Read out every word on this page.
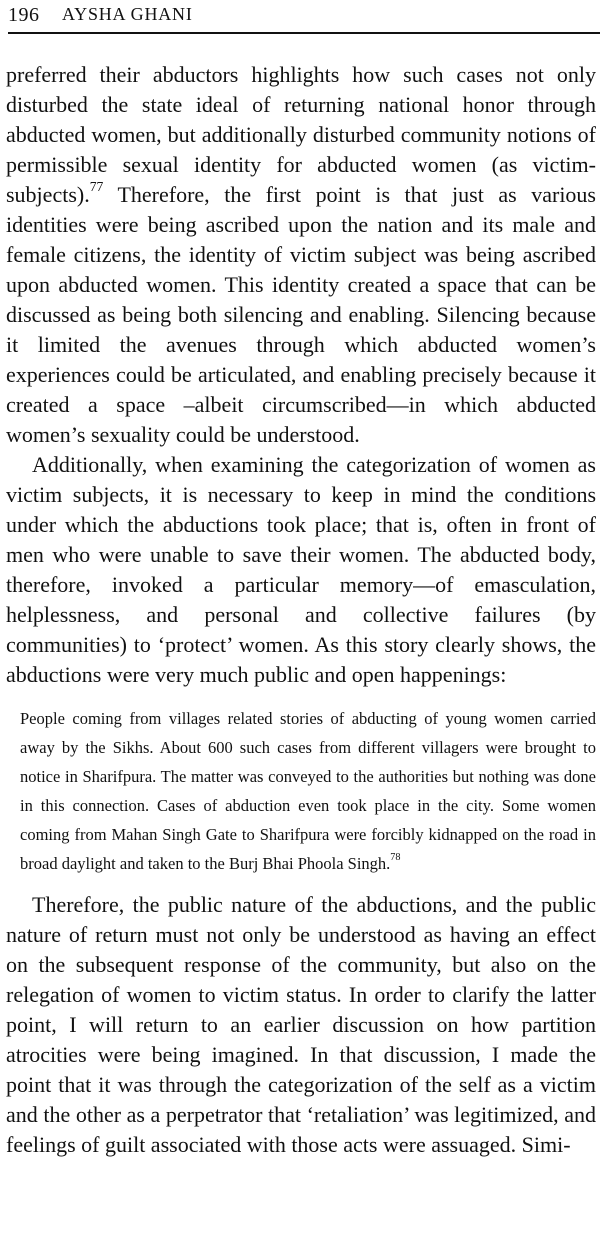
196 AYSHA GHANI

preferred their abductors highlights how such cases not only disturbed the state ideal of returning national honor through abducted women, but additionally disturbed community notions of permissible sexual identity for abducted women (as victim-subjects).$^{77}$ Therefore, the first point is that just as various identities were being ascribed upon the nation and its male and female citizens, the identity of victim subject was being ascribed upon abducted women. This identity created a space that can be discussed as being both silencing and enabling. Silencing because it limited the avenues through which abducted women’s experiences could be articulated, and enabling precisely because it created a space –albeit circumscribed—in which abducted women’s sexuality could be understood.

Additionally, when examining the categorization of women as victim subjects, it is necessary to keep in mind the conditions under which the abductions took place; that is, often in front of men who were unable to save their women. The abducted body, therefore, invoked a particular memory—of emasculation, helplessness, and personal and collective failures (by communities) to ‘protect’ women. As this story clearly shows, the abductions were very much public and open happenings:

People coming from villages related stories of abducting of young women carried away by the Sikhs. About 600 such cases from different villagers were brought to notice in Sharifpura. The matter was conveyed to the authorities but nothing was done in this connection. Cases of abduction even took place in the city. Some women coming from Mahan Singh Gate to Sharifpura were forcibly kidnapped on the road in broad daylight and taken to the Burj Bhai Phoola Singh.$^{78}$

Therefore, the public nature of the abductions, and the public nature of return must not only be understood as having an effect on the subsequent response of the community, but also on the relegation of women to victim status. In order to clarify the latter point, I will return to an earlier discussion on how partition atrocities were being imagined. In that discussion, I made the point that it was through the categorization of the self as a victim and the other as a perpetrator that ‘retaliation’ was legitimized, and feelings of guilt associated with those acts were assuaged. Simi-
